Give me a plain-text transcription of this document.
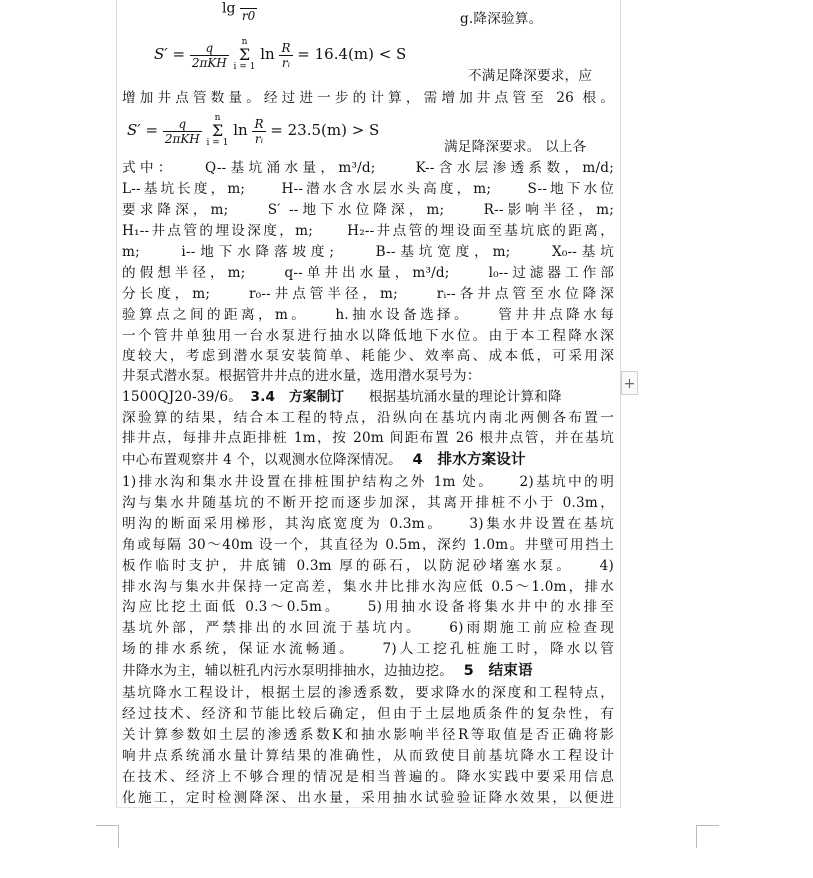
lg
r0
$S' = \frac{q}{\text{2πKH}}$ n
Σ
i = 1 $\ln \frac{R}{\text{rᵢ}} = 16.4(m) < S$
$S' = \frac{q}{\text{2πKH}}$ n
Σ
i = 1 $\ln \frac{R}{\text{rᵢ}} = 23.5(m) > S$
g.降深验算。
不满足降深要求，应
增加井点管数量。经过进一步的计算，需增加井点管至 26 根。
满足降深要求。 以上各
式中：　　Q--基坑涌水量，m³/d;　　K--含水层渗透系数，m/d;
L--基坑长度，m;　　H--潜水含水层水头高度，m;　　S--地下水位
要求降深，m;　　S′ --地下水位降深，m;　　R--影响半径，m;
H₁--井点管的埋设深度，m;　　H₂--井点管的埋设面至基坑底的距离，
m;　　i--地下水降落坡度;　　B--基坑宽度，m;　　X₀--基坑
的假想半径，m;　　q--单井出水量，m³/d;　　l₀--过滤器工作部
分长度，m;　　r₀--井点管半径，m;　　rᵢ--各井点管至水位降深
验算点之间的距离，m。　　h.抽水设备选择。　　管井井点降水每
一个管井单独用一台水泵进行抽水以降低地下水位。由于本工程降水深
度较大，考虑到潜水泵安装简单、耗能少、效率高、成本低，可采用深
井泵式潜水泵。根据管井井点的进水量，选用潜水泵号为：
1500QJ20-39/6。 3.4　方案制订 根据基坑涌水量的理论计算和降
深验算的结果，结合本工程的特点，沿纵向在基坑内南北两侧各布置一
排井点，每排井点距排桩 1m，按 20m 间距布置 26 根井点管，并在基坑
中心布置观察井 4 个，以观测水位降深情况。 4　排水方案设计
1)排水沟和集水井设置在排桩围护结构之外 1m 处。　　2)基坑中的明
沟与集水井随基坑的不断开挖而逐步加深，其离开排桩不小于 0.3m，
明沟的断面采用梯形，其沟底宽度为 0.3m。　　3)集水井设置在基坑
角或每隔 30～40m 设一个，其直径为 0.5m，深约 1.0m。井壁可用挡土
板作临时支护，井底铺 0.3m 厚的砾石，以防泥砂堵塞水泵。　　4)
排水沟与集水井保持一定高差，集水井比排水沟应低 0.5～1.0m，排水
沟应比挖土面低 0.3～0.5m。　　5)用抽水设备将集水井中的水排至
基坑外部，严禁排出的水回流于基坑内。　　6)雨期施工前应检查现
场的排水系统，保证水流畅通。　　7)人工挖孔桩施工时，降水以管
井降水为主，辅以桩孔内污水泵明排抽水，边抽边挖。 5　结束语
基坑降水工程设计，根据土层的渗透系数，要求降水的深度和工程特点，
经过技术、经济和节能比较后确定，但由于土层地质条件的复杂性，有
关计算参数如土层的渗透系数K和抽水影响半径R等取值是否正确将影
响井点系统涌水量计算结果的准确性，从而致使目前基坑降水工程设计
在技术、经济上不够合理的情况是相当普遍的。降水实践中要采用信息
化施工，定时检测降深、出水量，采用抽水试验验证降水效果，以便进
+
